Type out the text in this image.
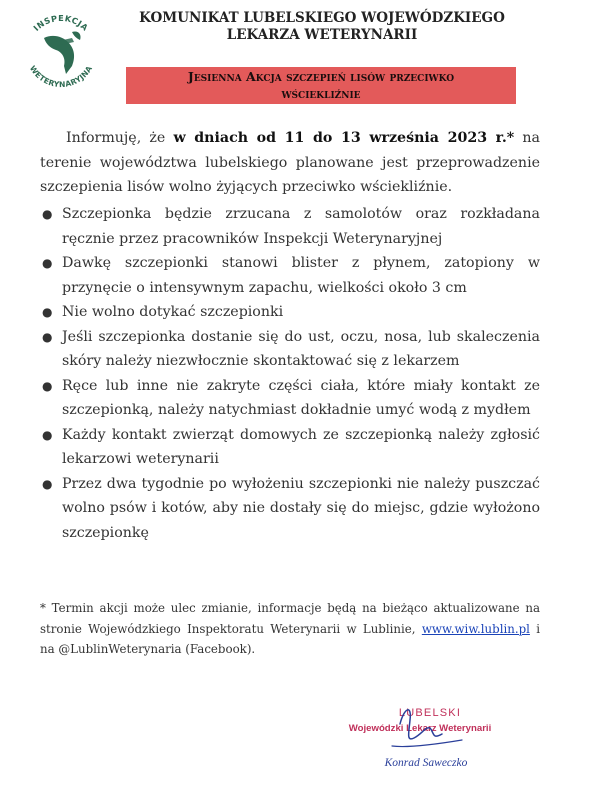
INSPEKCJA
WETERYNARYJNA
KOMUNIKAT LUBELSKIEGO WOJEWÓDZKIEGO
LEKARZA WETERYNARII
Jesienna Akcja szczepień lisów przeciwko
wściekliźnie
Informuję, że w dniach od 11 do 13 września 2023 r.* na terenie województwa lubelskiego planowane jest przeprowadzenie szczepienia lisów wolno żyjących przeciwko wściekliźnie.
● Szczepionka będzie zrzucana z samolotów oraz rozkładana ręcznie przez pracowników Inspekcji Weterynaryjnej
● Dawkę szczepionki stanowi blister z płynem, zatopiony w przynęcie o intensywnym zapachu, wielkości około 3 cm
● Nie wolno dotykać szczepionki
● Jeśli szczepionka dostanie się do ust, oczu, nosa, lub skaleczenia skóry należy niezwłocznie skontaktować się z lekarzem
● Ręce lub inne nie zakryte części ciała, które miały kontakt ze szczepionką, należy natychmiast dokładnie umyć wodą z mydłem
● Każdy kontakt zwierząt domowych ze szczepionką należy zgłosić lekarzowi weterynarii
● Przez dwa tygodnie po wyłożeniu szczepionki nie należy puszczać wolno psów i kotów, aby nie dostały się do miejsc, gdzie wyłożono szczepionkę
* Termin akcji może ulec zmianie, informacje będą na bieżąco aktualizowane na stronie Wojewódzkiego Inspektoratu Weterynarii w Lublinie, www.wiw.lublin.pl i na @LublinWeterynaria (Facebook).
LUBELSKI
Wojewódzki Lekarz Weterynarii
Konrad Saweczko
